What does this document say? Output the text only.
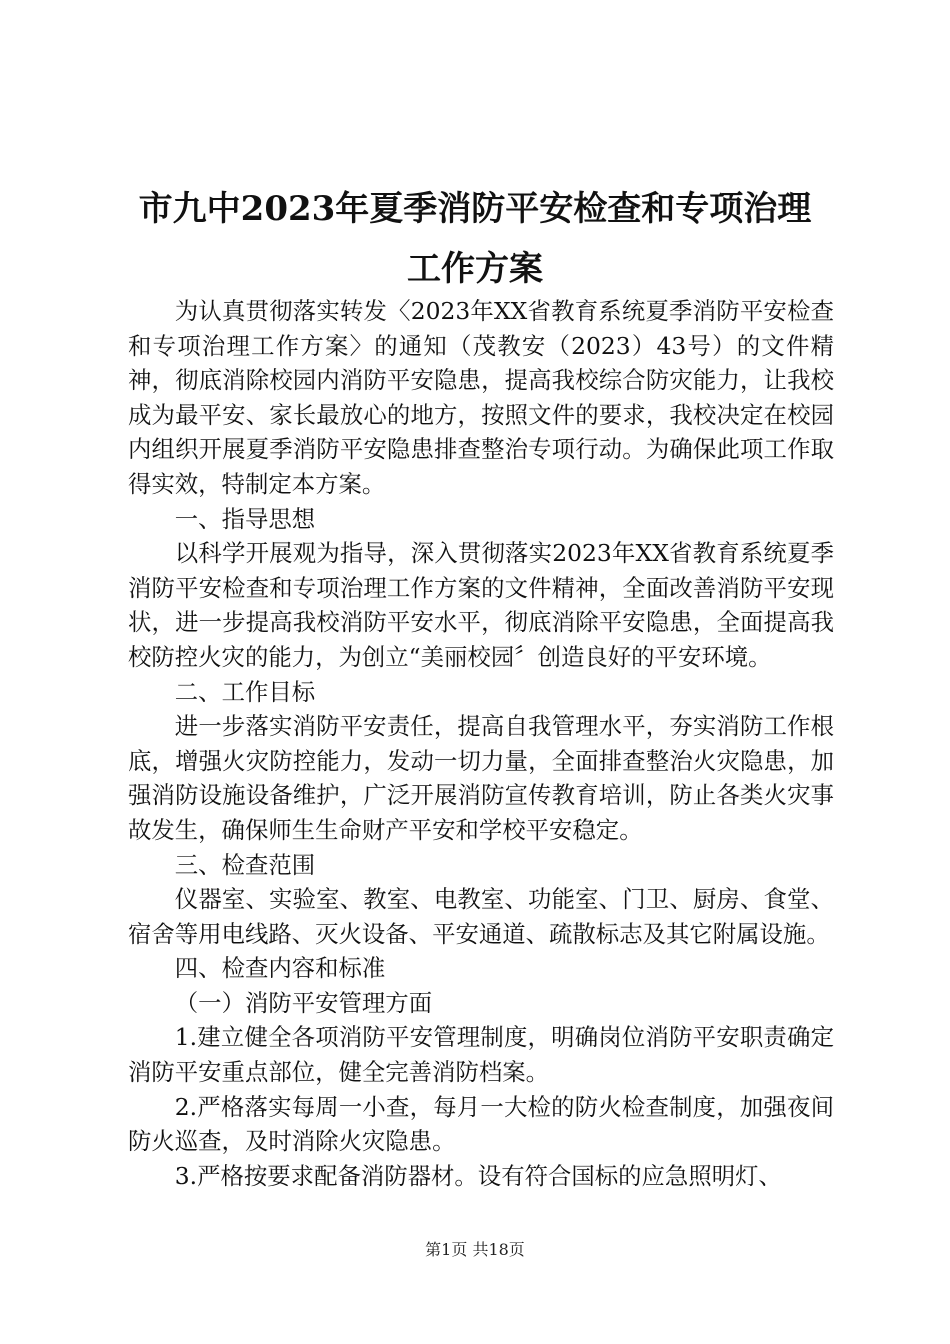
市九中2023年夏季消防平安检查和专项治理
工作方案

为认真贯彻落实转发〈2023年XX省教育系统夏季消防平安检查和专项治理工作方案〉的通知（茂教安（2023）43号）的文件精神，彻底消除校园内消防平安隐患，提高我校综合防灾能力，让我校成为最平安、家长最放心的地方，按照文件的要求，我校决定在校园内组织开展夏季消防平安隐患排查整治专项行动。为确保此项工作取得实效，特制定本方案。

一、指导思想

以科学开展观为指导，深入贯彻落实2023年XX省教育系统夏季消防平安检查和专项治理工作方案的文件精神，全面改善消防平安现状，进一步提高我校消防平安水平，彻底消除平安隐患，全面提高我校防控火灾的能力，为创立“美丽校园〞创造良好的平安环境。

二、工作目标

进一步落实消防平安责任，提高自我管理水平，夯实消防工作根底，增强火灾防控能力，发动一切力量，全面排查整治火灾隐患，加强消防设施设备维护，广泛开展消防宣传教育培训，防止各类火灾事故发生，确保师生生命财产平安和学校平安稳定。

三、检查范围

仪器室、实验室、教室、电教室、功能室、门卫、厨房、食堂、宿舍等用电线路、灭火设备、平安通道、疏散标志及其它附属设施。

四、检查内容和标准

（一）消防平安管理方面

1.建立健全各项消防平安管理制度，明确岗位消防平安职责确定消防平安重点部位，健全完善消防档案。

2.严格落实每周一小查，每月一大检的防火检查制度，加强夜间防火巡查，及时消除火灾隐患。

3.严格按要求配备消防器材。设有符合国标的应急照明灯、

第1页 共18页
